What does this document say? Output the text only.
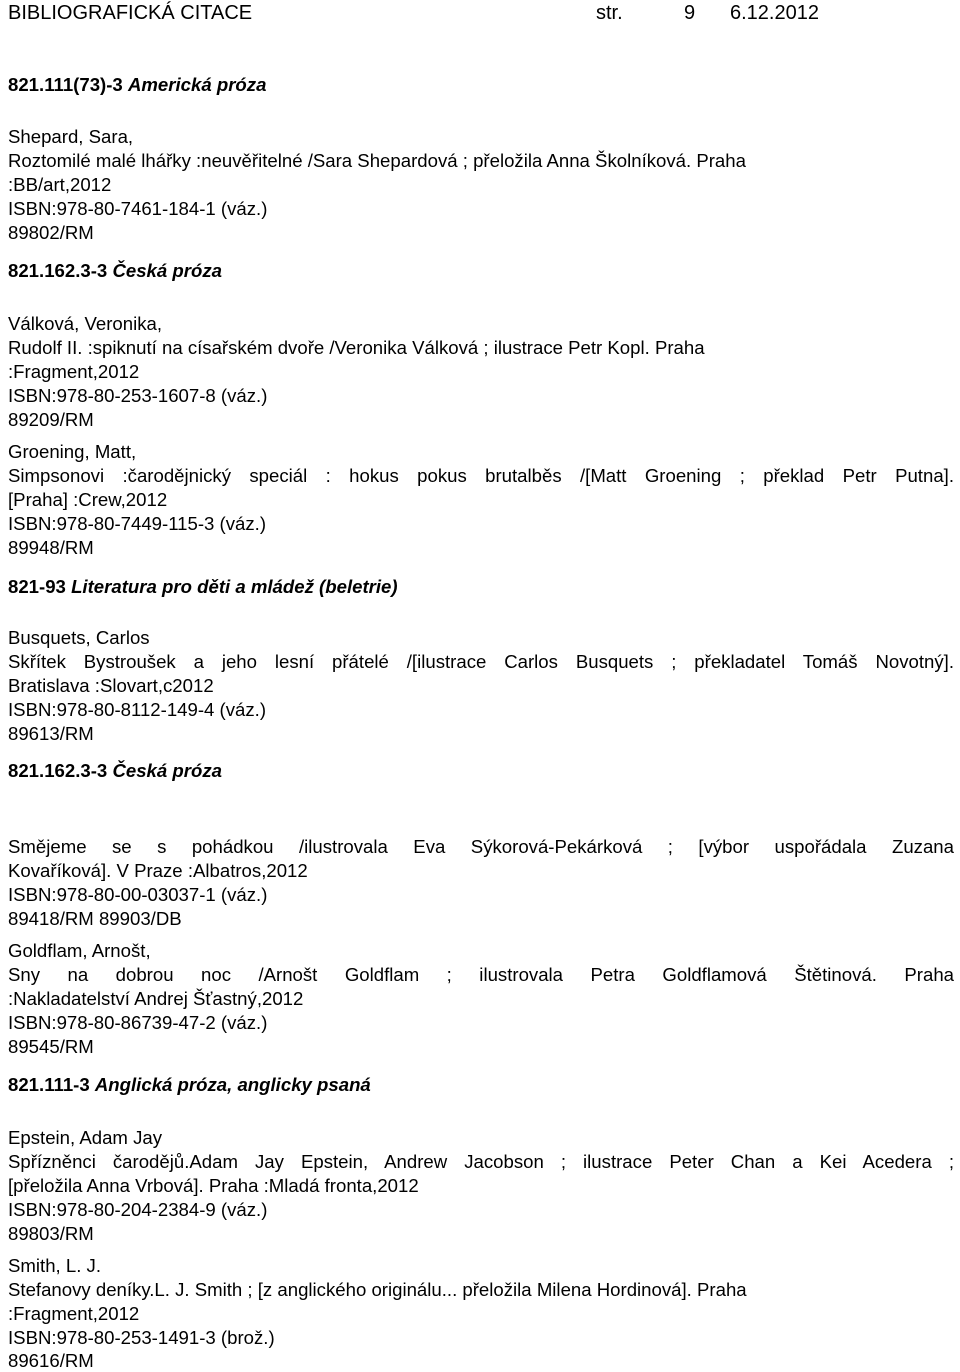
BIBLIOGRAFICKÁ CITACE	str.	9 6.12.2012
821.111(73)-3 Americká próza
Shepard, Sara,
Roztomilé malé lhářky :neuvěřitelné /Sara Shepardová ; přeložila Anna Školníková. Praha
:BB/art,2012
ISBN:978-80-7461-184-1 (váz.)
89802/RM
821.162.3-3 Česká próza
Válková, Veronika,
Rudolf II. :spiknutí na císařském dvoře /Veronika Válková ; ilustrace Petr Kopl. Praha
:Fragment,2012
ISBN:978-80-253-1607-8 (váz.)
89209/RM
Groening, Matt,
Simpsonovi :čarodějnický speciál : hokus pokus brutalběs /[Matt Groening ; překlad Petr Putna].
[Praha] :Crew,2012
ISBN:978-80-7449-115-3 (váz.)
89948/RM
821-93 Literatura pro děti a mládež (beletrie)
Busquets, Carlos
Skřítek Bystroušek a jeho lesní přátelé /[ilustrace Carlos Busquets ; překladatel Tomáš Novotný].
Bratislava :Slovart,c2012
ISBN:978-80-8112-149-4 (váz.)
89613/RM
821.162.3-3 Česká próza
Smějeme se s pohádkou /ilustrovala Eva Sýkorová-Pekárková ; [výbor uspořádala Zuzana
Kovaříková]. V Praze :Albatros,2012
ISBN:978-80-00-03037-1 (váz.)
89418/RM 89903/DB
Goldflam, Arnošt,
Sny na dobrou noc /Arnošt Goldflam ; ilustrovala Petra Goldflamová Štětinová. Praha
:Nakladatelství Andrej Šťastný,2012
ISBN:978-80-86739-47-2 (váz.)
89545/RM
821.111-3 Anglická próza, anglicky psaná
Epstein, Adam Jay
Spřízněnci čarodějů.Adam Jay Epstein, Andrew Jacobson ; ilustrace Peter Chan a Kei Acedera ;
[přeložila Anna Vrbová]. Praha :Mladá fronta,2012
ISBN:978-80-204-2384-9 (váz.)
89803/RM
Smith, L. J.
Stefanovy deníky.L. J. Smith ; [z anglického originálu... přeložila Milena Hordinová]. Praha
:Fragment,2012
ISBN:978-80-253-1491-3 (brož.)
89616/RM
